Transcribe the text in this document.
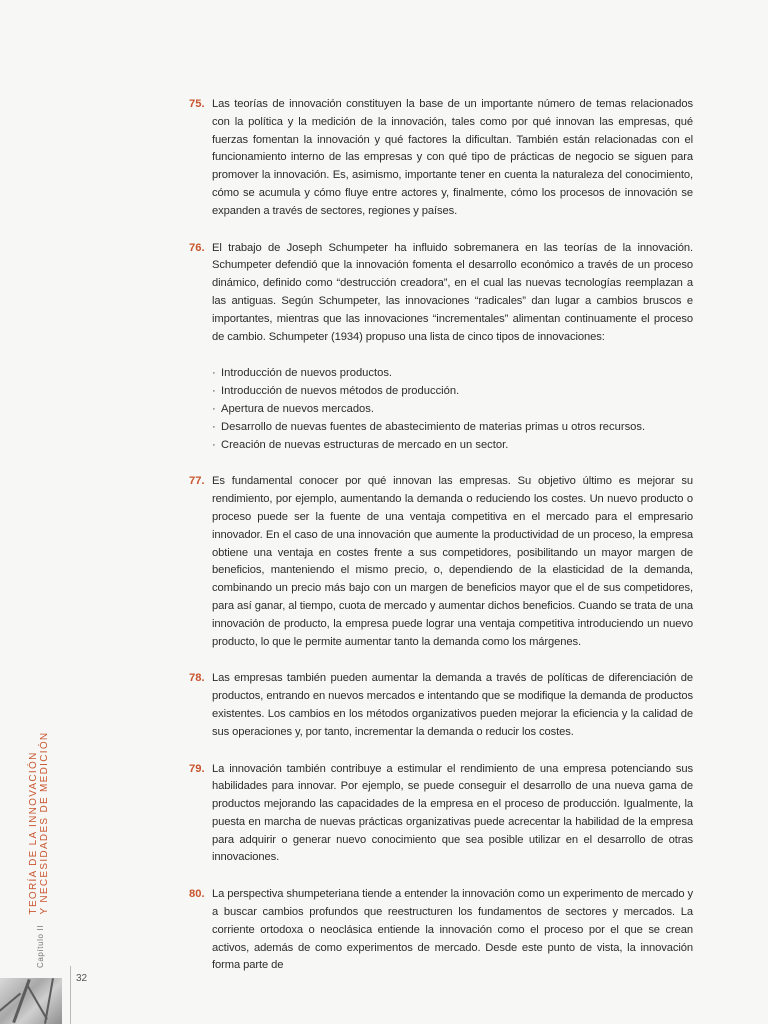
75. Las teorías de innovación constituyen la base de un importante número de temas relacionados con la política y la medición de la innovación, tales como por qué innovan las empresas, qué fuerzas fomentan la innovación y qué factores la dificultan. También están relacionadas con el funcionamiento interno de las empresas y con qué tipo de prácticas de negocio se siguen para promover la innovación. Es, asimismo, importante tener en cuenta la naturaleza del conocimiento, cómo se acumula y cómo fluye entre actores y, finalmente, cómo los procesos de innovación se expanden a través de sectores, regiones y países.
76. El trabajo de Joseph Schumpeter ha influido sobremanera en las teorías de la innovación. Schumpeter defendió que la innovación fomenta el desarrollo económico a través de un proceso dinámico, definido como “destrucción creadora”, en el cual las nuevas tecnologías reemplazan a las antiguas. Según Schumpeter, las innovaciones “radicales” dan lugar a cambios bruscos e importantes, mientras que las innovaciones “incrementales” alimentan continuamente el proceso de cambio. Schumpeter (1934) propuso una lista de cinco tipos de innovaciones:
· Introducción de nuevos productos.
· Introducción de nuevos métodos de producción.
· Apertura de nuevos mercados.
· Desarrollo de nuevas fuentes de abastecimiento de materias primas u otros recursos.
· Creación de nuevas estructuras de mercado en un sector.
77. Es fundamental conocer por qué innovan las empresas. Su objetivo último es mejorar su rendimiento, por ejemplo, aumentando la demanda o reduciendo los costes. Un nuevo producto o proceso puede ser la fuente de una ventaja competitiva en el mercado para el empresario innovador. En el caso de una innovación que aumente la productividad de un proceso, la empresa obtiene una ventaja en costes frente a sus competidores, posibilitando un mayor margen de beneficios, manteniendo el mismo precio, o, dependiendo de la elasticidad de la demanda, combinando un precio más bajo con un margen de beneficios mayor que el de sus competidores, para así ganar, al tiempo, cuota de mercado y aumentar dichos beneficios. Cuando se trata de una innovación de producto, la empresa puede lograr una ventaja competitiva introduciendo un nuevo producto, lo que le permite aumentar tanto la demanda como los márgenes.
78. Las empresas también pueden aumentar la demanda a través de políticas de diferenciación de productos, entrando en nuevos mercados e intentando que se modifique la demanda de productos existentes. Los cambios en los métodos organizativos pueden mejorar la eficiencia y la calidad de sus operaciones y, por tanto, incrementar la demanda o reducir los costes.
79. La innovación también contribuye a estimular el rendimiento de una empresa potenciando sus habilidades para innovar. Por ejemplo, se puede conseguir el desarrollo de una nueva gama de productos mejorando las capacidades de la empresa en el proceso de producción. Igualmente, la puesta en marcha de nuevas prácticas organizativas puede acrecentar la habilidad de la empresa para adquirir o generar nuevo conocimiento que sea posible utilizar en el desarrollo de otras innovaciones.
80. La perspectiva shumpeteriana tiende a entender la innovación como un experimento de mercado y a buscar cambios profundos que reestructuren los fundamentos de sectores y mercados. La corriente ortodoxa o neoclásica entiende la innovación como el proceso por el que se crean activos, además de como experimentos de mercado. Desde este punto de vista, la innovación forma parte de
Capítulo II
TEORÍA DE LA INNOVACIÓN Y NECESIDADES DE MEDICIÓN
32
